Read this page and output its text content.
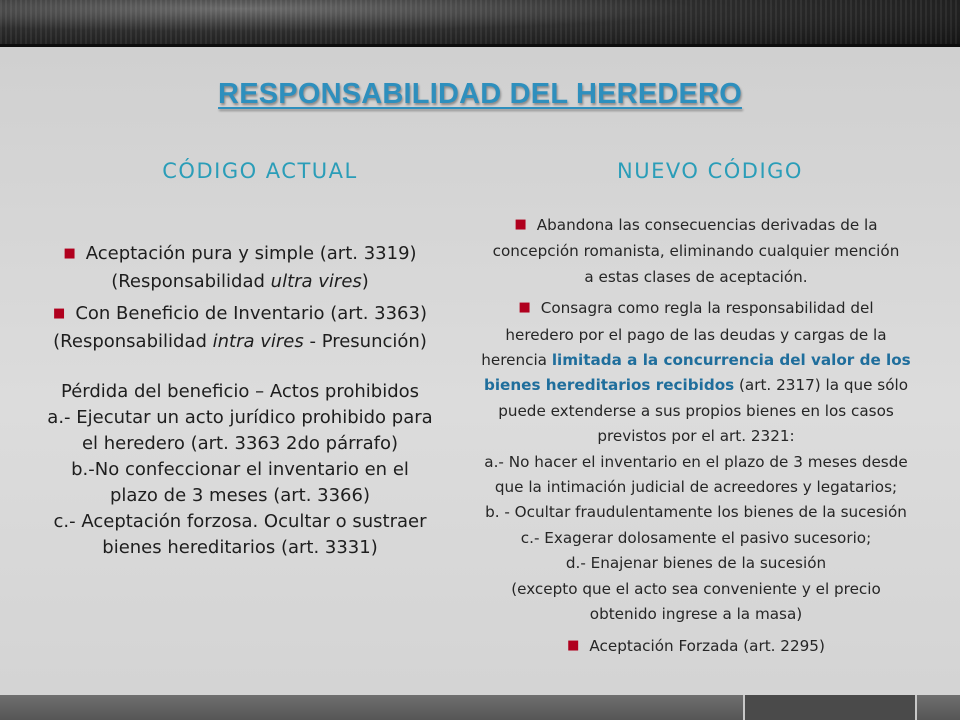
RESPONSABILIDAD DEL HEREDERO
CÓDIGO ACTUAL	NUEVO CÓDIGO

■ Aceptación pura y simple (art. 3319)

(Responsabilidad ultra vires)

■ Con Beneficio de Inventario (art. 3363)

(Responsabilidad intra vires - Presunción)

Pérdida del beneficio – Actos prohibidos

a.- Ejecutar un acto jurídico prohibido para

el heredero (art. 3363 2do párrafo)

b.-No confeccionar el inventario en el

plazo de 3 meses (art. 3366)

c.- Aceptación forzosa. Ocultar o sustraer

bienes hereditarios (art. 3331)

■ Abandona las consecuencias derivadas de la

concepción romanista, eliminando cualquier mención

a estas clases de aceptación.

■ Consagra como regla la responsabilidad del

heredero por el pago de las deudas y cargas de la

herencia limitada a la concurrencia del valor de los

bienes hereditarios recibidos (art. 2317) la que sólo

puede extenderse a sus propios bienes en los casos

previstos por el art. 2321:

a.- No hacer el inventario en el plazo de 3 meses desde

que la intimación judicial de acreedores y legatarios;

b. - Ocultar fraudulentamente los bienes de la sucesión

c.- Exagerar dolosamente el pasivo sucesorio;

d.- Enajenar bienes de la sucesión

(excepto que el acto sea conveniente y el precio

obtenido ingrese a la masa)

■ Aceptación Forzada (art. 2295)
